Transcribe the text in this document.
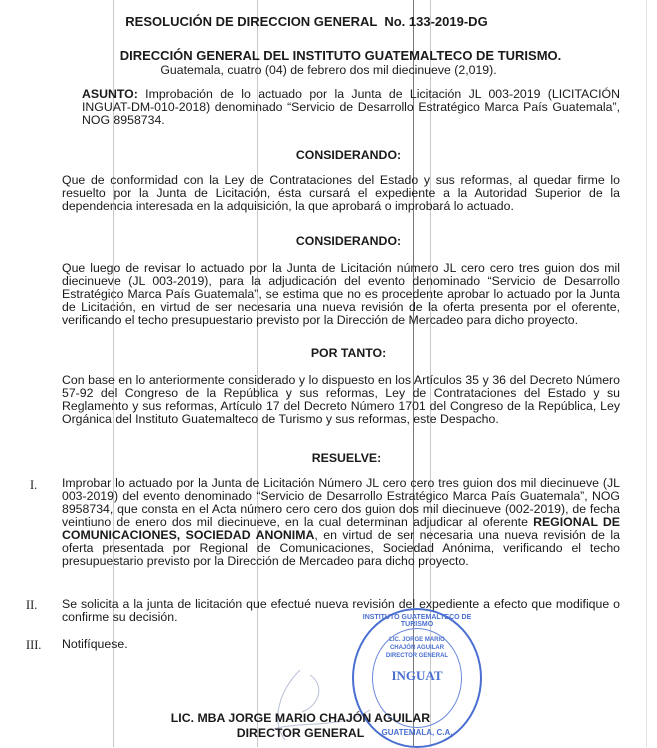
RESOLUCIÓN DE DIRECCION GENERAL  No. 133-2019-DG
DIRECCIÓN GENERAL DEL INSTITUTO GUATEMALTECO DE TURISMO.
Guatemala, cuatro (04) de febrero dos mil diecinueve (2,019).
ASUNTO: Improbación de lo actuado por la Junta de Licitación JL 003-2019 (LICITACIÓN INGUAT-DM-010-2018) denominado “Servicio de Desarrollo Estratégico Marca País Guatemala”, NOG 8958734.
CONSIDERANDO:
Que de conformidad con la Ley de Contrataciones del Estado y sus reformas, al quedar firme lo resuelto por la Junta de Licitación, ésta cursará el expediente a la Autoridad Superior de la dependencia interesada en la adquisición, la que aprobará o improbará lo actuado.
CONSIDERANDO:
Que luego de revisar lo actuado por la Junta de Licitación número JL cero cero tres guion dos mil diecinueve (JL 003-2019), para la adjudicación del evento denominado “Servicio de Desarrollo Estratégico Marca País Guatemala”, se estima que no es procedente aprobar lo actuado por la Junta de Licitación, en virtud de ser necesaria una nueva revisión de la oferta presenta por el oferente, verificando el techo presupuestario previsto por la Dirección de Mercadeo para dicho proyecto.
POR TANTO:
Con base en lo anteriormente considerado y lo dispuesto en los Artículos 35 y 36 del Decreto Número 57-92 del Congreso de la República y sus reformas, Ley de Contrataciones del Estado y su Reglamento y sus reformas, Artículo 17 del Decreto Número 1701 del Congreso de la República, Ley Orgánica del Instituto Guatemalteco de Turismo y sus reformas, este Despacho.
RESUELVE:
I. Improbar lo actuado por la Junta de Licitación Número JL cero cero tres guion dos mil diecinueve (JL 003-2019) del evento denominado “Servicio de Desarrollo Estratégico Marca País Guatemala”, NOG 8958734, que consta en el Acta número cero cero dos guion dos mil diecinueve (002-2019), de fecha veintiuno de enero dos mil diecinueve, en la cual determinan adjudicar al oferente REGIONAL DE COMUNICACIONES, SOCIEDAD ANONIMA, en virtud de ser necesaria una nueva revisión de la oferta presentada por Regional de Comunicaciones, Sociedad Anónima, verificando el techo presupuestario previsto por la Dirección de Mercadeo para dicho proyecto.
II. Se solicita a la junta de licitación que efectué nueva revisión del expediente a efecto que modifique o confirme su decisión.
III. Notifíquese.
INSTITUTO GUATEMALTECO DE TURISMO
LIC. JORGE MARIO CHAJÓN AGUILAR DIRECTOR GENERAL
INGUAT
GUATEMALA, C.A.
LIC. MBA JORGE MARIO CHAJÓN AGUILAR
DIRECTOR GENERAL
